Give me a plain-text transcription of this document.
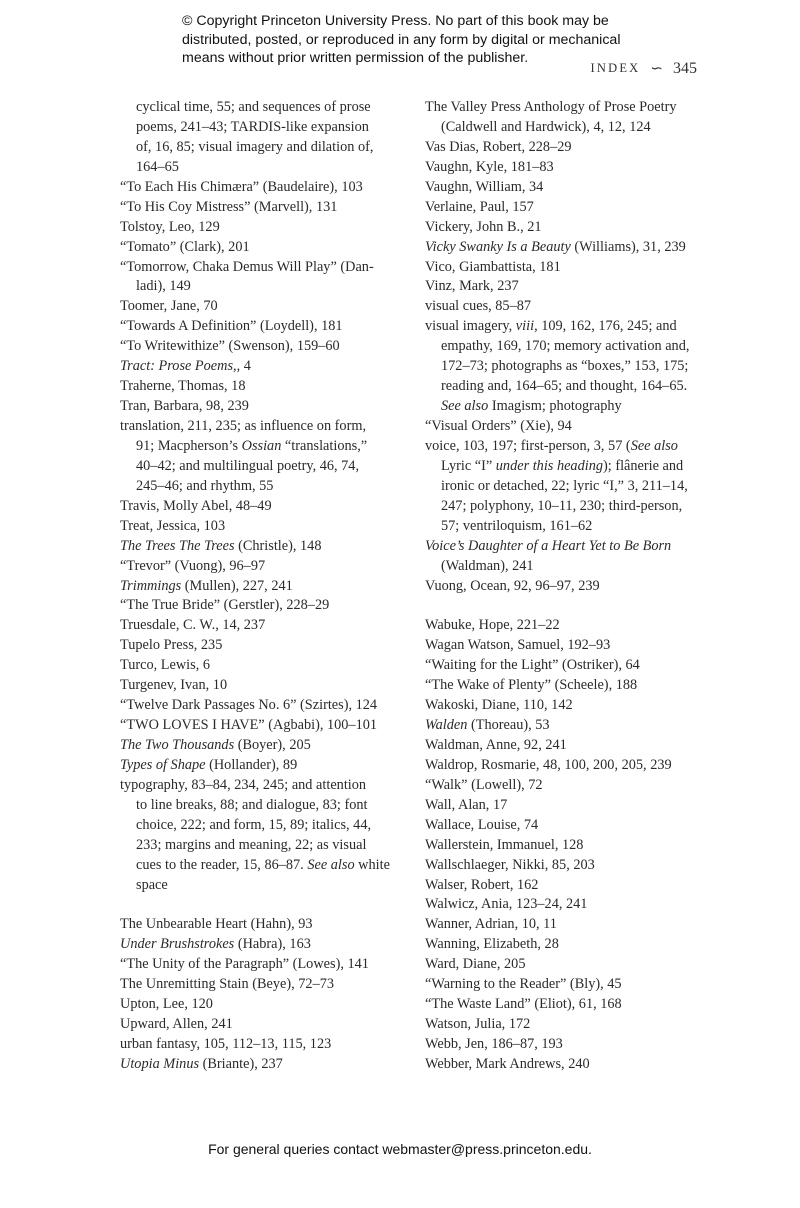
© Copyright Princeton University Press. No part of this book may be
distributed, posted, or reproduced in any form by digital or mechanical
means without prior written permission of the publisher.
INDEX ∽ 345
cyclical time, 55; and sequences of prose
poems, 241–43; TARDIS-like expansion
of, 16, 85; visual imagery and dilation of,
164–65
“To Each His Chimæra” (Baudelaire), 103
“To His Coy Mistress” (Marvell), 131
Tolstoy, Leo, 129
“Tomato” (Clark), 201
“Tomorrow, Chaka Demus Will Play” (Dan-
ladi), 149
Toomer, Jane, 70
“Towards A Definition” (Loydell), 181
“To Writewithize” (Swenson), 159–60
Tract: Prose Poems,, 4
Traherne, Thomas, 18
Tran, Barbara, 98, 239
translation, 211, 235; as influence on form,
91; Macpherson’s Ossian “translations,”
40–42; and multilingual poetry, 46, 74,
245–46; and rhythm, 55
Travis, Molly Abel, 48–49
Treat, Jessica, 103
The Trees The Trees (Christle), 148
“Trevor” (Vuong), 96–97
Trimmings (Mullen), 227, 241
“The True Bride” (Gerstler), 228–29
Truesdale, C. W., 14, 237
Tupelo Press, 235
Turco, Lewis, 6
Turgenev, Ivan, 10
“Twelve Dark Passages No. 6” (Szirtes), 124
“TWO LOVES I HAVE” (Agbabi), 100–101
The Two Thousands (Boyer), 205
Types of Shape (Hollander), 89
typography, 83–84, 234, 245; and attention
to line breaks, 88; and dialogue, 83; font
choice, 222; and form, 15, 89; italics, 44,
233; margins and meaning, 22; as visual
cues to the reader, 15, 86–87. See also white
space
The Unbearable Heart (Hahn), 93
Under Brushstrokes (Habra), 163
“The Unity of the Paragraph” (Lowes), 141
The Unremitting Stain (Beye), 72–73
Upton, Lee, 120
Upward, Allen, 241
urban fantasy, 105, 112–13, 115, 123
Utopia Minus (Briante), 237
The Valley Press Anthology of Prose Poetry
(Caldwell and Hardwick), 4, 12, 124
Vas Dias, Robert, 228–29
Vaughn, Kyle, 181–83
Vaughn, William, 34
Verlaine, Paul, 157
Vickery, John B., 21
Vicky Swanky Is a Beauty (Williams), 31, 239
Vico, Giambattista, 181
Vinz, Mark, 237
visual cues, 85–87
visual imagery, viii, 109, 162, 176, 245; and
empathy, 169, 170; memory activation and,
172–73; photographs as “boxes,” 153, 175;
reading and, 164–65; and thought, 164–65.
See also Imagism; photography
“Visual Orders” (Xie), 94
voice, 103, 197; first-person, 3, 57 (See also
Lyric “I” under this heading); flânerie and
ironic or detached, 22; lyric “I,” 3, 211–14,
247; polyphony, 10–11, 230; third-person,
57; ventriloquism, 161–62
Voice’s Daughter of a Heart Yet to Be Born
(Waldman), 241
Vuong, Ocean, 92, 96–97, 239
Wabuke, Hope, 221–22
Wagan Watson, Samuel, 192–93
“Waiting for the Light” (Ostriker), 64
“The Wake of Plenty” (Scheele), 188
Wakoski, Diane, 110, 142
Walden (Thoreau), 53
Waldman, Anne, 92, 241
Waldrop, Rosmarie, 48, 100, 200, 205, 239
“Walk” (Lowell), 72
Wall, Alan, 17
Wallace, Louise, 74
Wallerstein, Immanuel, 128
Wallschlaeger, Nikki, 85, 203
Walser, Robert, 162
Walwicz, Ania, 123–24, 241
Wanner, Adrian, 10, 11
Wanning, Elizabeth, 28
Ward, Diane, 205
“Warning to the Reader” (Bly), 45
“The Waste Land” (Eliot), 61, 168
Watson, Julia, 172
Webb, Jen, 186–87, 193
Webber, Mark Andrews, 240
For general queries contact webmaster@press.princeton.edu.
